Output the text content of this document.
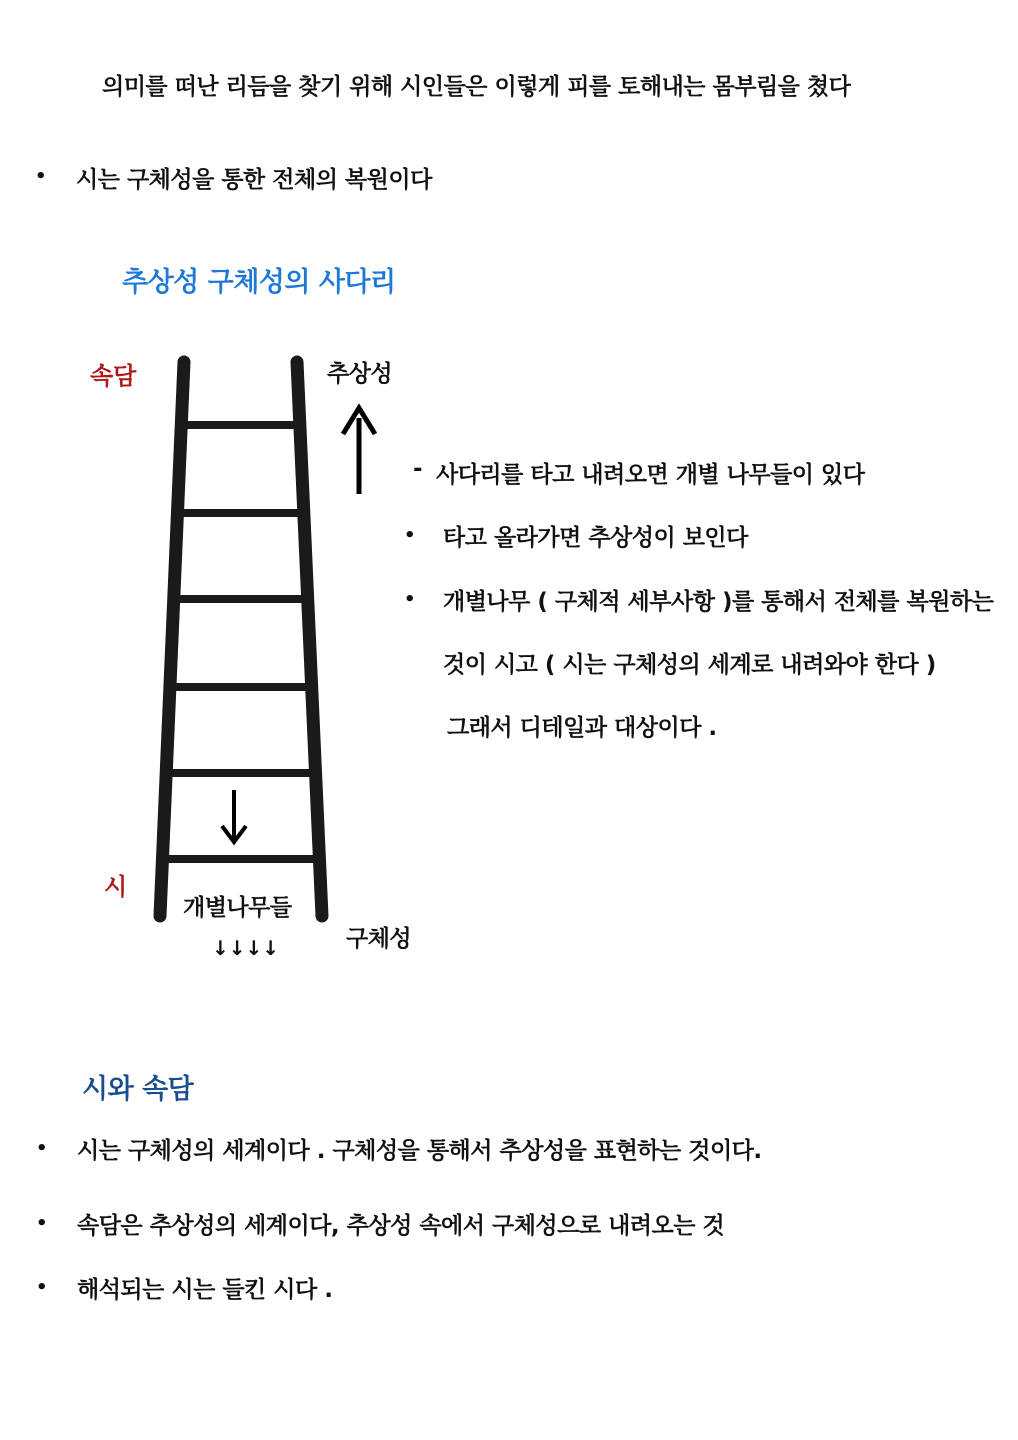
의미를 떠난 리듬을 찾기 위해 시인들은 이렇게 피를 토해내는 몸부림을 쳤다
• 시는 구체성을 통한 전체의 복원이다
추상성 구체성의 사다리
속담	추상성
시
개별나무들
↓↓↓↓	구체성
- 사다리를 타고 내려오면 개별 나무들이 있다
• 타고 올라가면 추상성이 보인다
• 개별나무 ( 구체적 세부사항 )를 통해서 전체를 복원하는
것이 시고 ( 시는 구체성의 세계로 내려와야 한다 )
그래서 디테일과 대상이다 .
시와 속담
• 시는 구체성의 세계이다 . 구체성을 통해서 추상성을 표현하는 것이다.
• 속담은 추상성의 세계이다, 추상성 속에서 구체성으로 내려오는 것
• 해석되는 시는 들킨 시다 .
